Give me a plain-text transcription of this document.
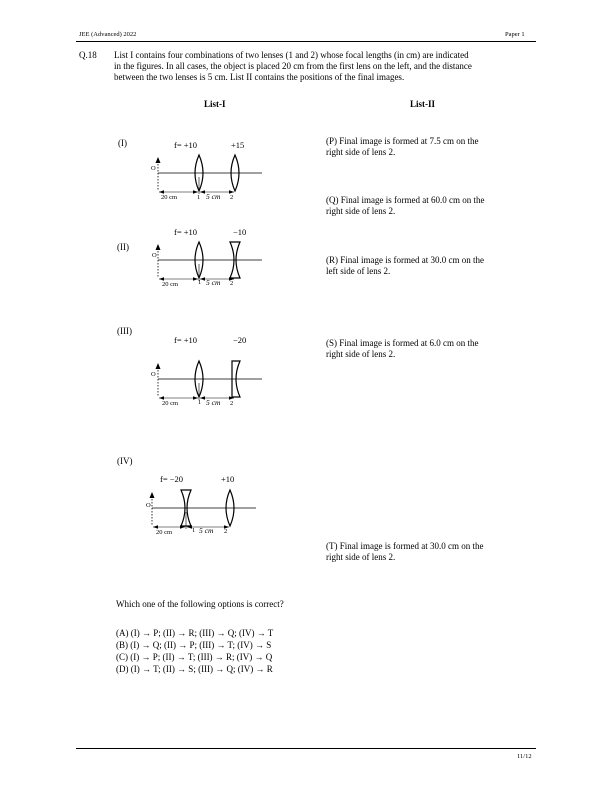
JEE (Advanced) 2022	Paper 1
Q.18 List I contains four combinations of two lenses (1 and 2) whose focal lengths (in cm) are indicated
in the figures. In all cases, the object is placed 20 cm from the first lens on the left, and the distance
between the two lenses is 5 cm. List II contains the positions of the final images.
List-I	List-II
(I)
(II)
(III)
(IV)
f= +10	+15
O
20 cm	1 5 cm 2
f= +10	−10
O
20 cm	1 5 cm 2
f= +10	−20
O
20 cm	1 5 cm 2
f= −20	+10
O
20 cm	1 5 cm 2
(P) Final image is formed at 7.5 cm on the
right side of lens 2.
(Q) Final image is formed at 60.0 cm on the
right side of lens 2.
(R) Final image is formed at 30.0 cm on the
left side of lens 2.
(S) Final image is formed at 6.0 cm on the
right side of lens 2.
(T) Final image is formed at 30.0 cm on the
right side of lens 2.
Which one of the following options is correct?
(A) (I) → P; (II) → R; (III) → Q; (IV) → T
(B) (I) → Q; (II) → P; (III) → T; (IV) → S
(C) (I) → P; (II) → T; (III) → R; (IV) → Q
(D) (I) → T; (II) → S; (III) → Q; (IV) → R
11/12
